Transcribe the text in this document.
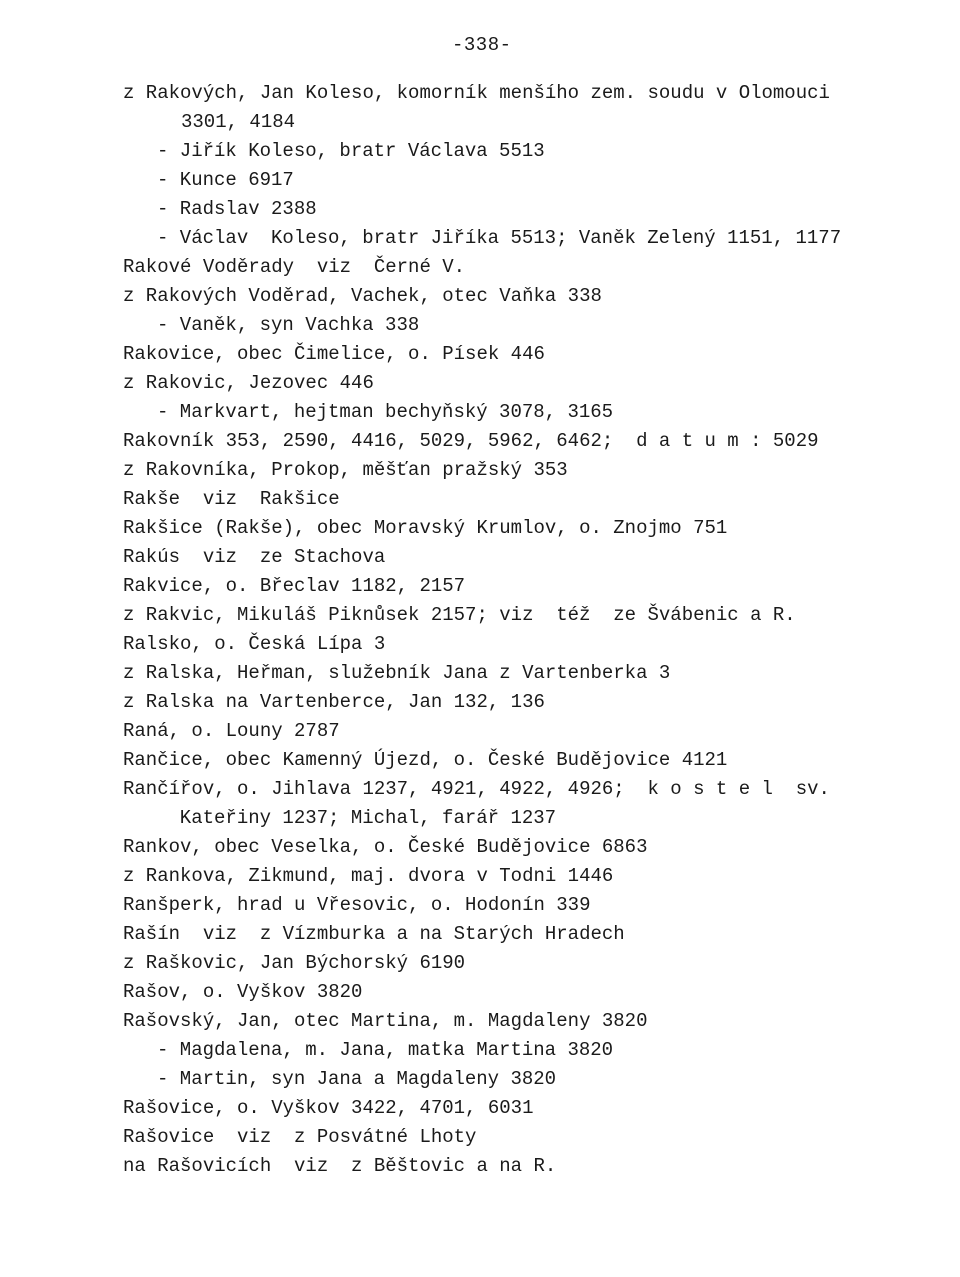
-338-
z Rakových, Jan Koleso, komorník menšího zem. soudu v Olomouci
3301, 4184
- Jiřík Koleso, bratr Václava 5513
- Kunce 6917
- Radslav 2388
- Václav  Koleso, bratr Jiříka 5513; Vaněk Zelený 1151, 1177
Rakové Voděrady  viz  Černé V.
z Rakových Voděrad, Vachek, otec Vaňka 338
- Vaněk, syn Vachka 338
Rakovice, obec Čimelice, o. Písek 446
z Rakovic, Jezovec 446
- Markvart, hejtman bechyňský 3078, 3165
Rakovník 353, 2590, 4416, 5029, 5962, 6462;  d a t u m : 5029
z Rakovníka, Prokop, měšťan pražský 353
Rakše  viz  Rakšice
Rakšice (Rakše), obec Moravský Krumlov, o. Znojmo 751
Rakús  viz  ze Stachova
Rakvice, o. Břeclav 1182, 2157
z Rakvic, Mikuláš Piknůsek 2157; viz  též  ze Švábenic a R.
Ralsko, o. Česká Lípa 3
z Ralska, Heřman, služebník Jana z Vartenberka 3
z Ralska na Vartenberce, Jan 132, 136
Raná, o. Louny 2787
Rančice, obec Kamenný Újezd, o. České Budějovice 4121
Rančířov, o. Jihlava 1237, 4921, 4922, 4926;  k o s t e l  sv.
Kateřiny 1237; Michal, farář 1237
Rankov, obec Veselka, o. České Budějovice 6863
z Rankova, Zikmund, maj. dvora v Todni 1446
Ranšperk, hrad u Vřesovic, o. Hodonín 339
Rašín  viz  z Vízmburka a na Starých Hradech
z Raškovic, Jan Býchorský 6190
Rašov, o. Vyškov 3820
Rašovský, Jan, otec Martina, m. Magdaleny 3820
- Magdalena, m. Jana, matka Martina 3820
- Martin, syn Jana a Magdaleny 3820
Rašovice, o. Vyškov 3422, 4701, 6031
Rašovice  viz  z Posvátné Lhoty
na Rašovicích  viz  z Běštovic a na R.
